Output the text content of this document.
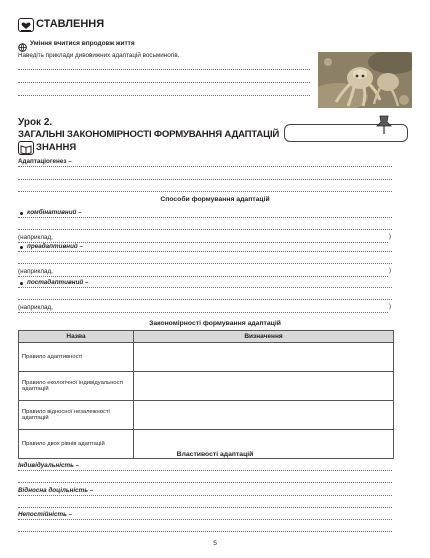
СТАВЛЕННЯ
Уміння вчитися впродовж життя
Наведіть приклади дивовижних адаптацій восьминогів.
Урок 2.
ЗАГАЛЬНІ ЗАКОНОМІРНОСТІ ФОРМУВАННЯ АДАПТАЦІЙ
ЗНАННЯ
Адаптаціогенез –
Способи формування адаптацій
комбінативний –
(наприклад,	)
преадаптивний –
(наприклад,	)
постадаптивний –
(наприклад,	)
Закономірності формування адаптацій
Назва	Визначення
Правило адаптивності	
Правило екологічної індивідуальності адаптацій	
Правило відносної незалежності адаптацій	
Правило двох рівнів адаптацій	
Властивості адаптацій
Індивідуальність –
Відносна доцільність –
Непостійність –
5
